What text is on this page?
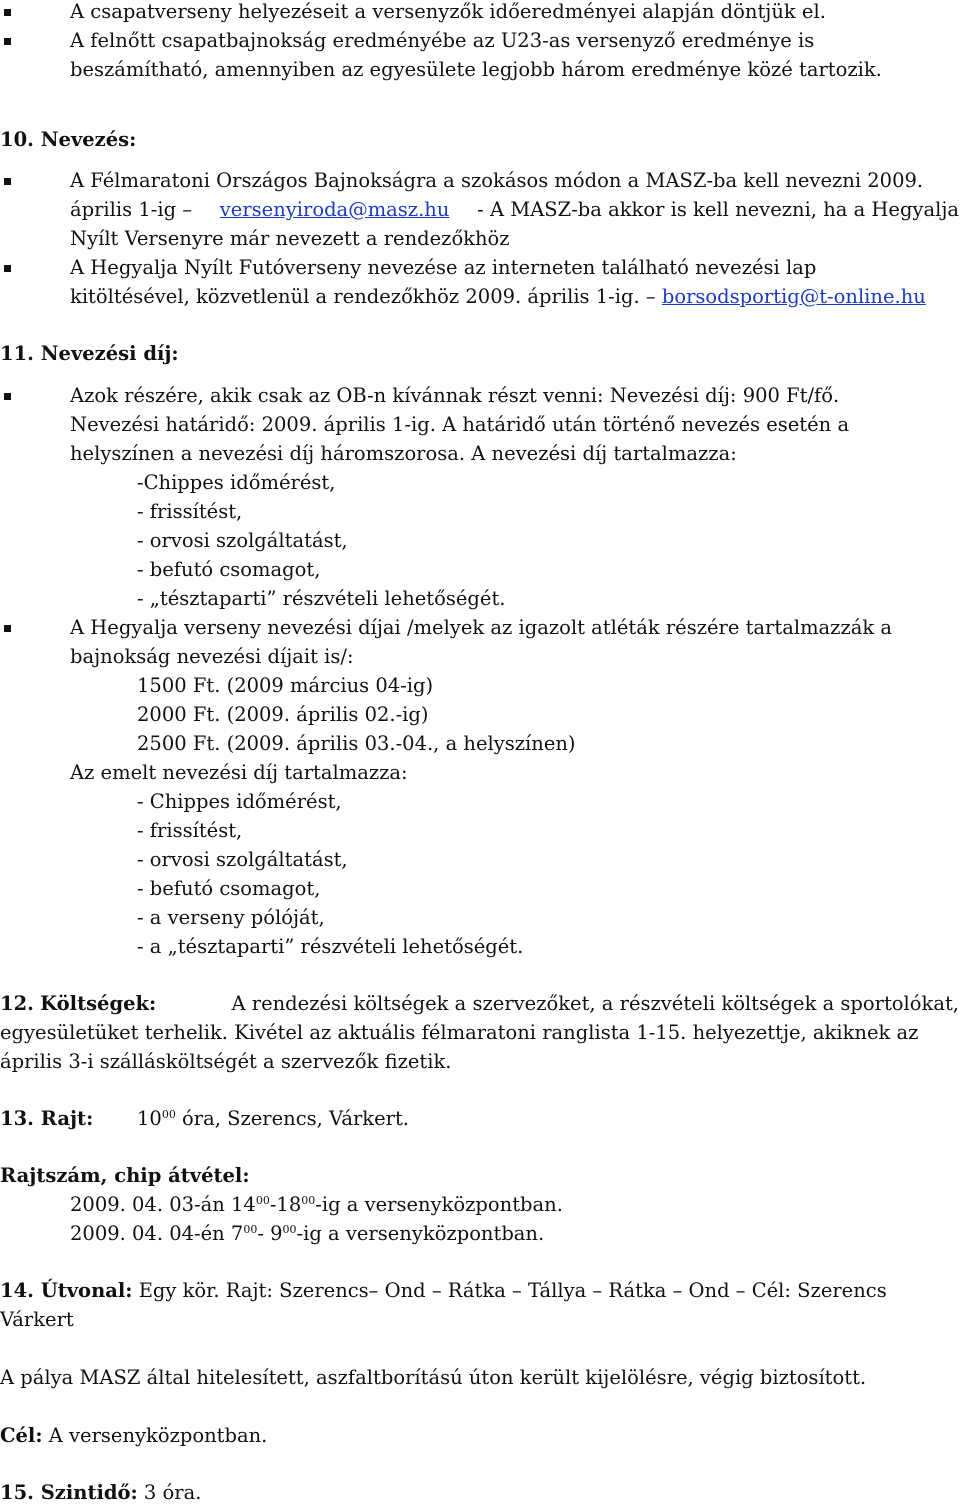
A csapatverseny helyezéseit a versenyzők időeredményei alapján döntjük el.
A felnőtt csapatbajnokság eredményébe az U23-as versenyző eredménye is
beszámítható, amennyiben az egyesülete legjobb három eredménye közé tartozik.
10. Nevezés:
A Félmaratoni Országos Bajnokságra a szokásos módon a MASZ-ba kell nevezni 2009.
április 1-ig – versenyiroda@masz.hu - A MASZ-ba akkor is kell nevezni, ha a Hegyalja
Nyílt Versenyre már nevezett a rendezőkhöz
A Hegyalja Nyílt Futóverseny nevezése az interneten található nevezési lap
kitöltésével, közvetlenül a rendezőkhöz 2009. április 1-ig. – borsodsportig@t-online.hu
11. Nevezési díj:
Azok részére, akik csak az OB-n kívánnak részt venni: Nevezési díj: 900 Ft/fő.
Nevezési határidő: 2009. április 1-ig. A határidő után történő nevezés esetén a
helyszínen a nevezési díj háromszorosa. A nevezési díj tartalmazza:
-Chippes időmérést,
- frissítést,
- orvosi szolgáltatást,
- befutó csomagot,
- „tésztaparti” részvételi lehetőségét.
A Hegyalja verseny nevezési díjai /melyek az igazolt atléták részére tartalmazzák a
bajnokság nevezési díjait is/:
1500 Ft. (2009 március 04-ig)
2000 Ft. (2009. április 02.-ig)
2500 Ft. (2009. április 03.-04., a helyszínen)
Az emelt nevezési díj tartalmazza:
- Chippes időmérést,
- frissítést,
- orvosi szolgáltatást,
- befutó csomagot,
- a verseny pólóját,
- a „tésztaparti” részvételi lehetőségét.
12. Költségek:	A rendezési költségek a szervezőket, a részvételi költségek a sportolókat,
egyesületüket terhelik. Kivétel az aktuális félmaratoni ranglista 1-15. helyezettje, akiknek az
április 3-i szállásköltségét a szervezők fizetik.
13. Rajt: $10^{00}$ óra, Szerencs, Várkert.
Rajtszám, chip átvétel:
2009. 04. 03-án $14^{00}-18^{00}-ig$ a versenyközpontban.
2009. 04. 04-én $7^{00}-$ $9^{00}-ig$ a versenyközpontban.
14. Útvonal: Egy kör. Rajt: Szerencs– Ond – Rátka – Tállya – Rátka – Ond – Cél: Szerencs
Várkert
A pálya MASZ által hitelesített, aszfaltborítású úton került kijelölésre, végig biztosított.
Cél: A versenyközpontban.
15. Szintidő: 3 óra.
